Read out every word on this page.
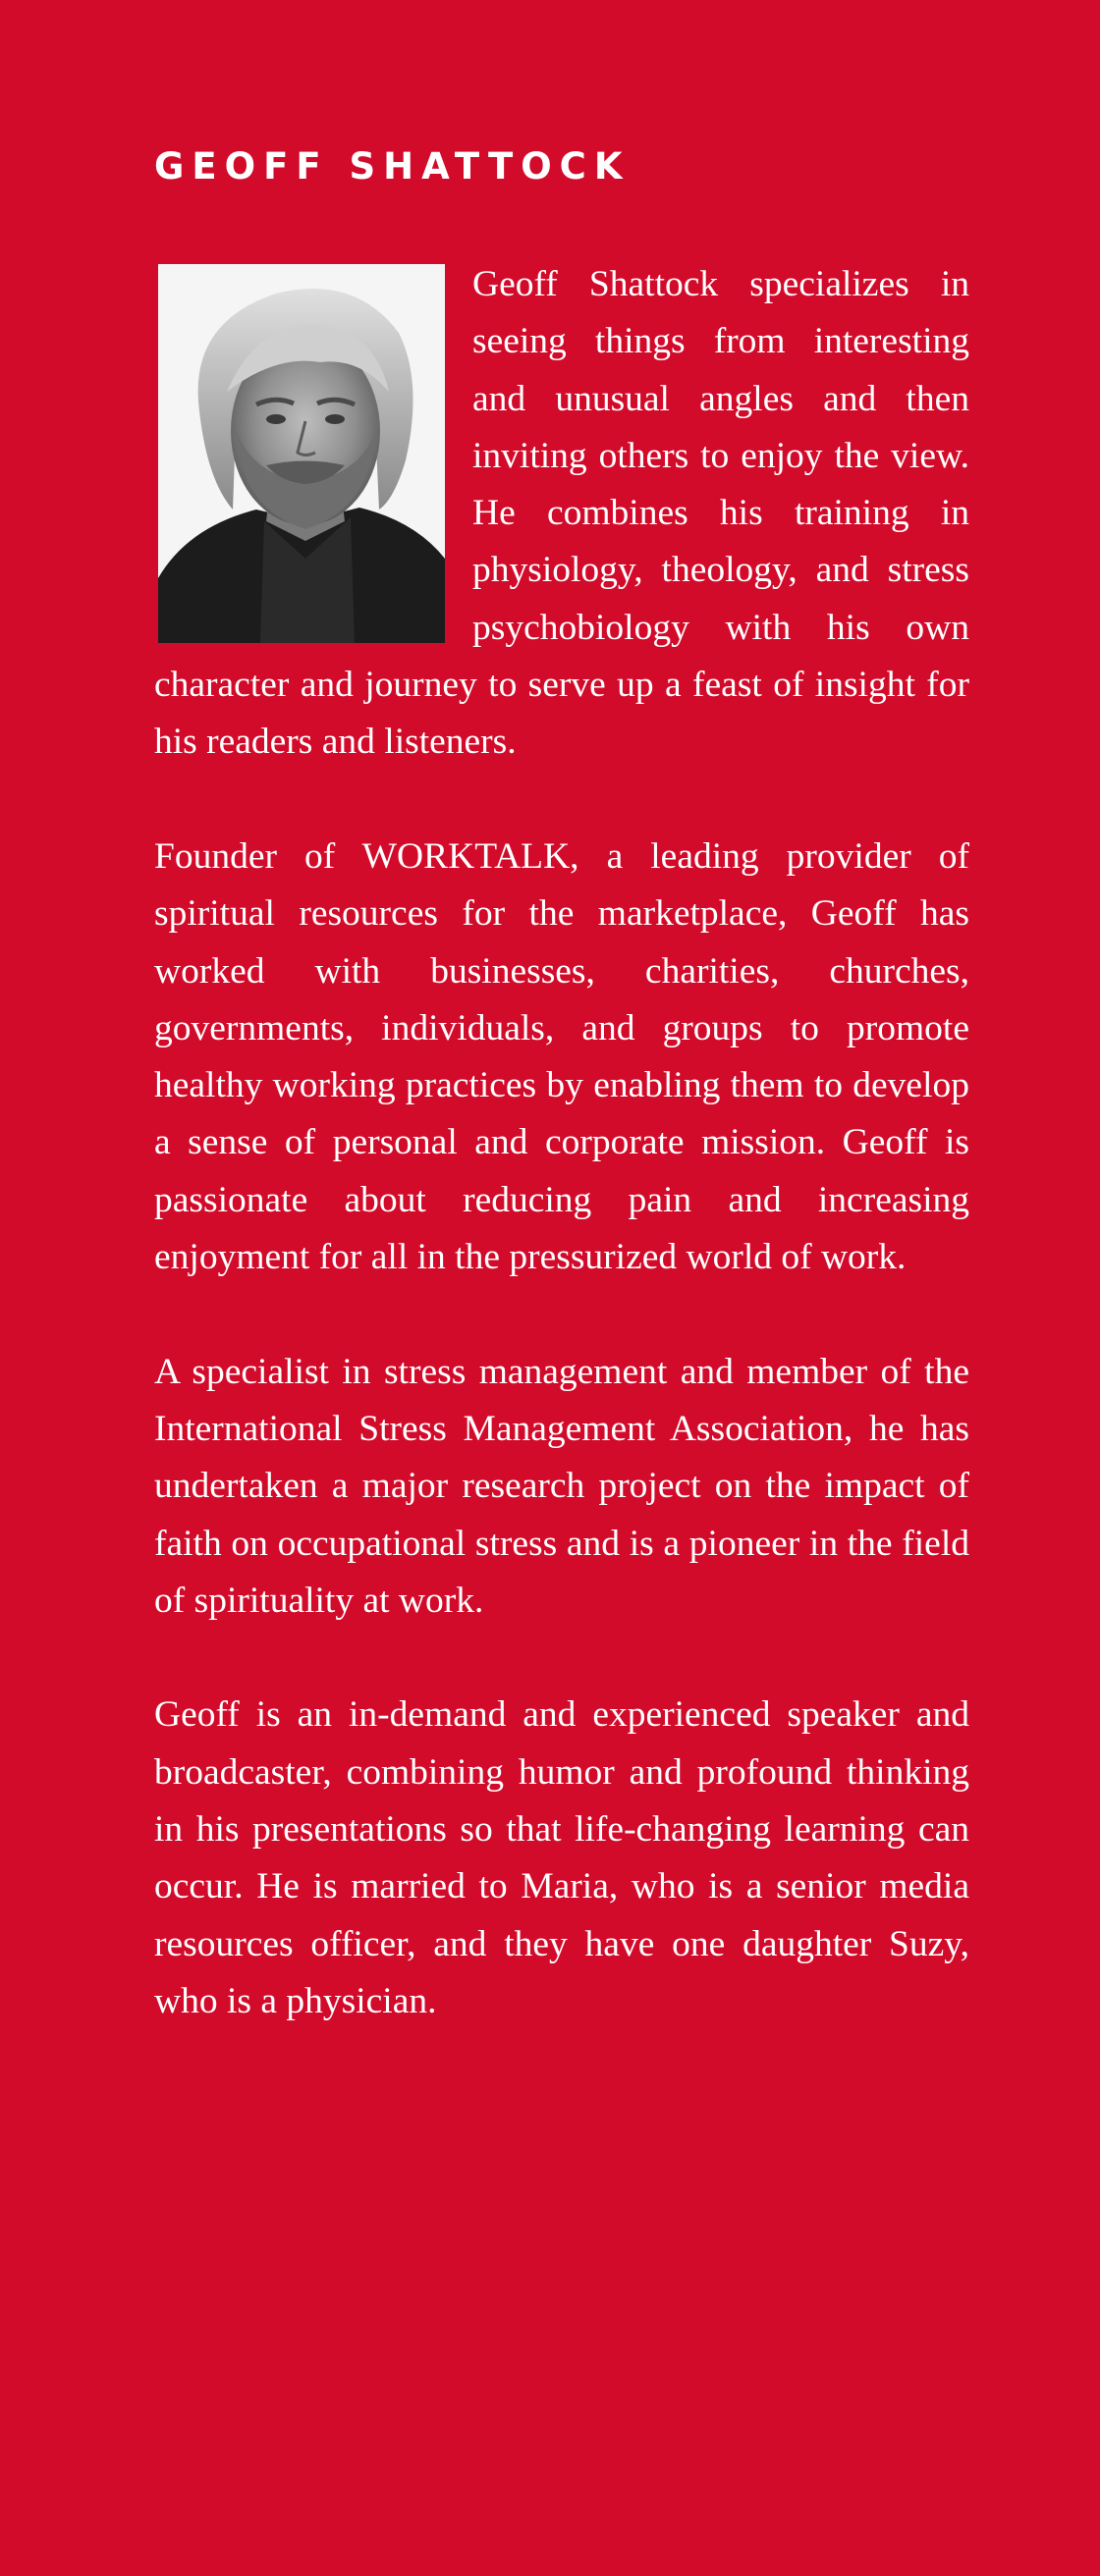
GEOFF SHATTOCK

Geoff Shattock specializes in seeing things from interesting and unusual angles and then inviting others to enjoy the view. He combines his training in physiology, theology, and stress psychobiology with his own character and journey to serve up a feast of insight for his readers and listeners.

Founder of WORKTALK, a leading provider of spiritual resources for the marketplace, Geoff has worked with businesses, charities, churches, governments, individuals, and groups to promote healthy working practices by enabling them to develop a sense of personal and corporate mission. Geoff is passionate about reducing pain and increasing enjoyment for all in the pressurized world of work.

A specialist in stress management and member of the International Stress Management Association, he has undertaken a major research project on the impact of faith on occupational stress and is a pioneer in the field of spirituality at work.

Geoff is an in-demand and experienced speaker and broadcaster, combining humor and profound thinking in his presentations so that life-changing learning can occur. He is married to Maria, who is a senior media resources officer, and they have one daughter Suzy, who is a physician.
